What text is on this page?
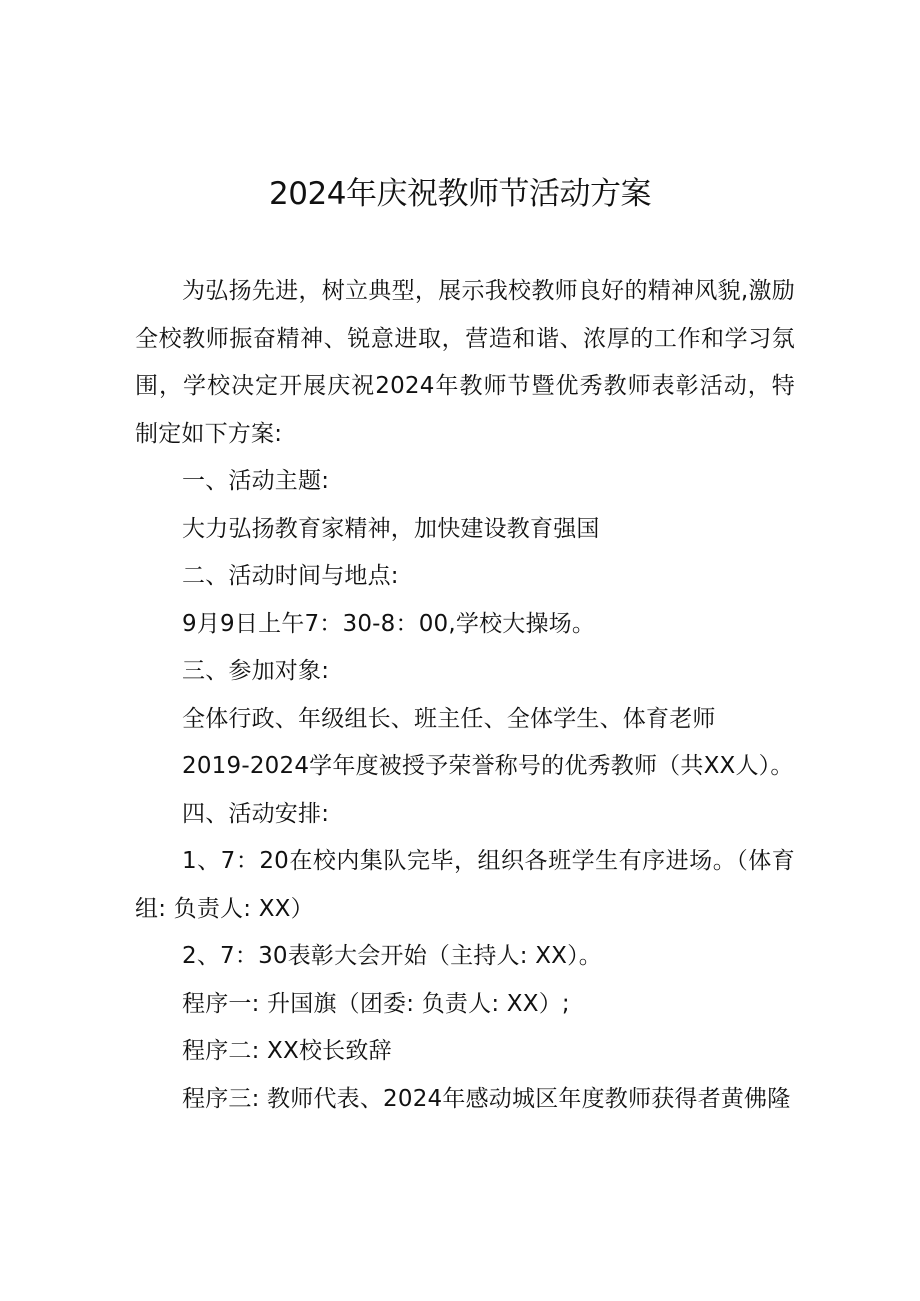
2024年庆祝教师节活动方案

为弘扬先进，树立典型，展示我校教师良好的精神风貌,激励全校教师振奋精神、锐意进取，营造和谐、浓厚的工作和学习氛围，学校决定开展庆祝2024年教师节暨优秀教师表彰活动，特制定如下方案:

一、活动主题:

大力弘扬教育家精神，加快建设教育强国

二、活动时间与地点:

9月9日上午7：30-8：00,学校大操场。

三、参加对象:

全体行政、年级组长、班主任、全体学生、体育老师

2019-2024学年度被授予荣誉称号的优秀教师（共XX人）。

四、活动安排:

1、7：20在校内集队完毕，组织各班学生有序进场。（体育组: 负责人: XX）

2、7：30表彰大会开始（主持人: XX）。

程序一: 升国旗（团委: 负责人: XX）;

程序二: XX校长致辞

程序三: 教师代表、2024年感动城区年度教师获得者黄佛隆
